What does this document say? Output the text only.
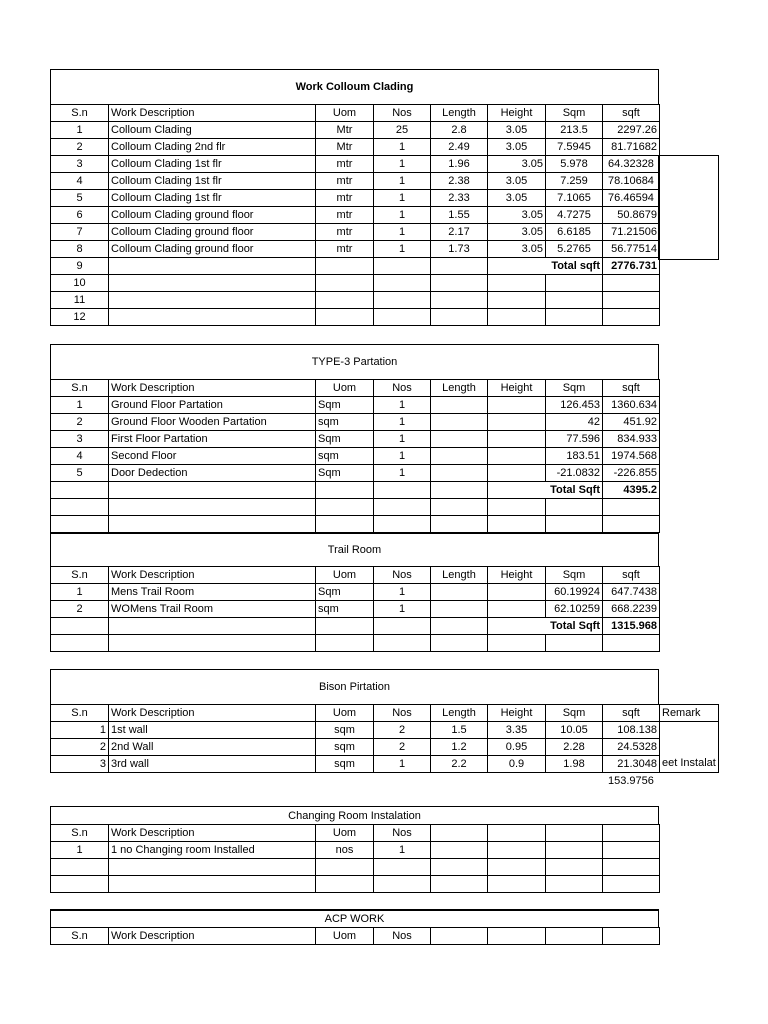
Work Colloum Clading
S.n	Work Description	Uom	Nos	Length	Height	Sqm	sqft
1	Colloum Clading	Mtr	25	2.8	3.05	213.5	2297.26
2	Colloum Clading 2nd flr	Mtr	1	2.49	3.05	7.5945	81.71682
3	Colloum Clading 1st flr	mtr	1	1.96	3.05	5.978	64.32328
4	Colloum Clading 1st flr	mtr	1	2.38	3.05	7.259	78.10684
5	Colloum Clading 1st flr	mtr	1	2.33	3.05	7.1065	76.46594
6	Colloum Clading ground floor	mtr	1	1.55	3.05	4.7275	50.8679
7	Colloum Clading ground floor	mtr	1	2.17	3.05	6.6185	71.21506
8	Colloum Clading ground floor	mtr	1	1.73	3.05	5.2765	56.77514
9					Total sqft		2776.731
10							
11							
12							
TYPE-3 Partation
S.n	Work Description	Uom	Nos	Length	Height	Sqm	sqft
1	Ground Floor Partation	Sqm	1			126.453	1360.634
2	Ground Floor Wooden Partation	sqm	1			42	451.92
3	First Floor Partation	Sqm	1			77.596	834.933
4	Second Floor	sqm	1			183.51	1974.568
5	Door Dedection	Sqm	1			-21.0832	-226.855
					Total Sqft		4395.2

Trail Room
S.n	Work Description	Uom	Nos	Length	Height	Sqm	sqft
1	Mens Trail Room	Sqm	1			60.19924	647.7438
2	WOMens Trail Room	sqm	1			62.10259	668.2239
					Total Sqft		1315.968

Bison Pirtation
S.n	Work Description	Uom	Nos	Length	Height	Sqm	sqft	Remark
1	1st wall	sqm	2	1.5	3.35	10.05	108.138	
2	2nd Wall	sqm	2	1.2	0.95	2.28	24.5328	
3	3rd wall	sqm	1	2.2	0.9	1.98	21.3048	eet Instalat
153.9756
Changing Room Instalation
S.n	Work Description	Uom	Nos				
1	1 no Changing room Installed	nos	1				

ACP WORK
S.n	Work Description	Uom	Nos				
